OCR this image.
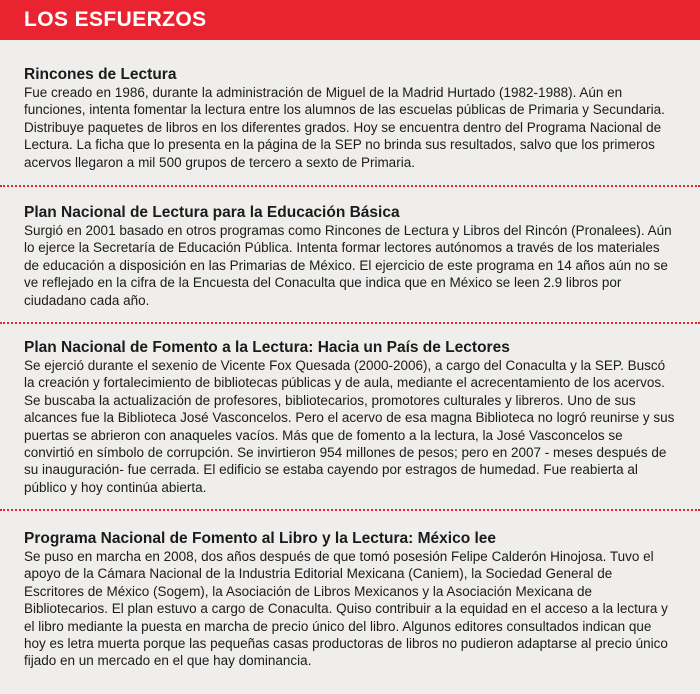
LOS ESFUERZOS

Rincones de Lectura

Fue creado en 1986, durante la administración de Miguel de la Madrid Hurtado (1982-1988). Aún en funciones, intenta fomentar la lectura entre los alumnos de las escuelas públicas de Primaria y Secundaria. Distribuye paquetes de libros en los diferentes grados. Hoy se encuentra dentro del Programa Nacional de Lectura. La ficha que lo presenta en la página de la SEP no brinda sus resultados, salvo que los primeros acervos llegaron a mil 500 grupos de tercero a sexto de Primaria.

Plan Nacional de Lectura para la Educación Básica

Surgió en 2001 basado en otros programas como Rincones de Lectura y Libros del Rincón (Pronalees). Aún lo ejerce la Secretaría de Educación Pública. Intenta formar lectores autónomos a través de los materiales de educación a disposición en las Primarias de México. El ejercicio de este programa en 14 años aún no se ve reflejado en la cifra de la Encuesta del Conaculta que indica que en México se leen 2.9 libros por ciudadano cada año.

Plan Nacional de Fomento a la Lectura: Hacia un País de Lectores

Se ejerció durante el sexenio de Vicente Fox Quesada (2000-2006), a cargo del Conaculta y la SEP. Buscó la creación y fortalecimiento de bibliotecas públicas y de aula, mediante el acrecentamiento de los acervos. Se buscaba la actualización de profesores, bibliotecarios, promotores culturales y libreros. Uno de sus alcances fue la Biblioteca José Vasconcelos. Pero el acervo de esa magna Biblioteca no logró reunirse y sus puertas se abrieron con anaqueles vacíos. Más que de fomento a la lectura, la José Vasconcelos se convirtió en símbolo de corrupción. Se invirtieron 954 millones de pesos; pero en 2007 - meses después de su inauguración- fue cerrada. El edificio se estaba cayendo por estragos de humedad. Fue reabierta al público y hoy continúa abierta.

Programa Nacional de Fomento al Libro y la Lectura: México lee

Se puso en marcha en 2008, dos años después de que tomó posesión Felipe Calderón Hinojosa. Tuvo el apoyo de la Cámara Nacional de la Industria Editorial Mexicana (Caniem), la Sociedad General de Escritores de México (Sogem), la Asociación de Libros Mexicanos y la Asociación Mexicana de Bibliotecarios. El plan estuvo a cargo de Conaculta. Quiso contribuir a la equidad en el acceso a la lectura y el libro mediante la puesta en marcha de precio único del libro. Algunos editores consultados indican que hoy es letra muerta porque las pequeñas casas productoras de libros no pudieron adaptarse al precio único fijado en un mercado en el que hay dominancia.
